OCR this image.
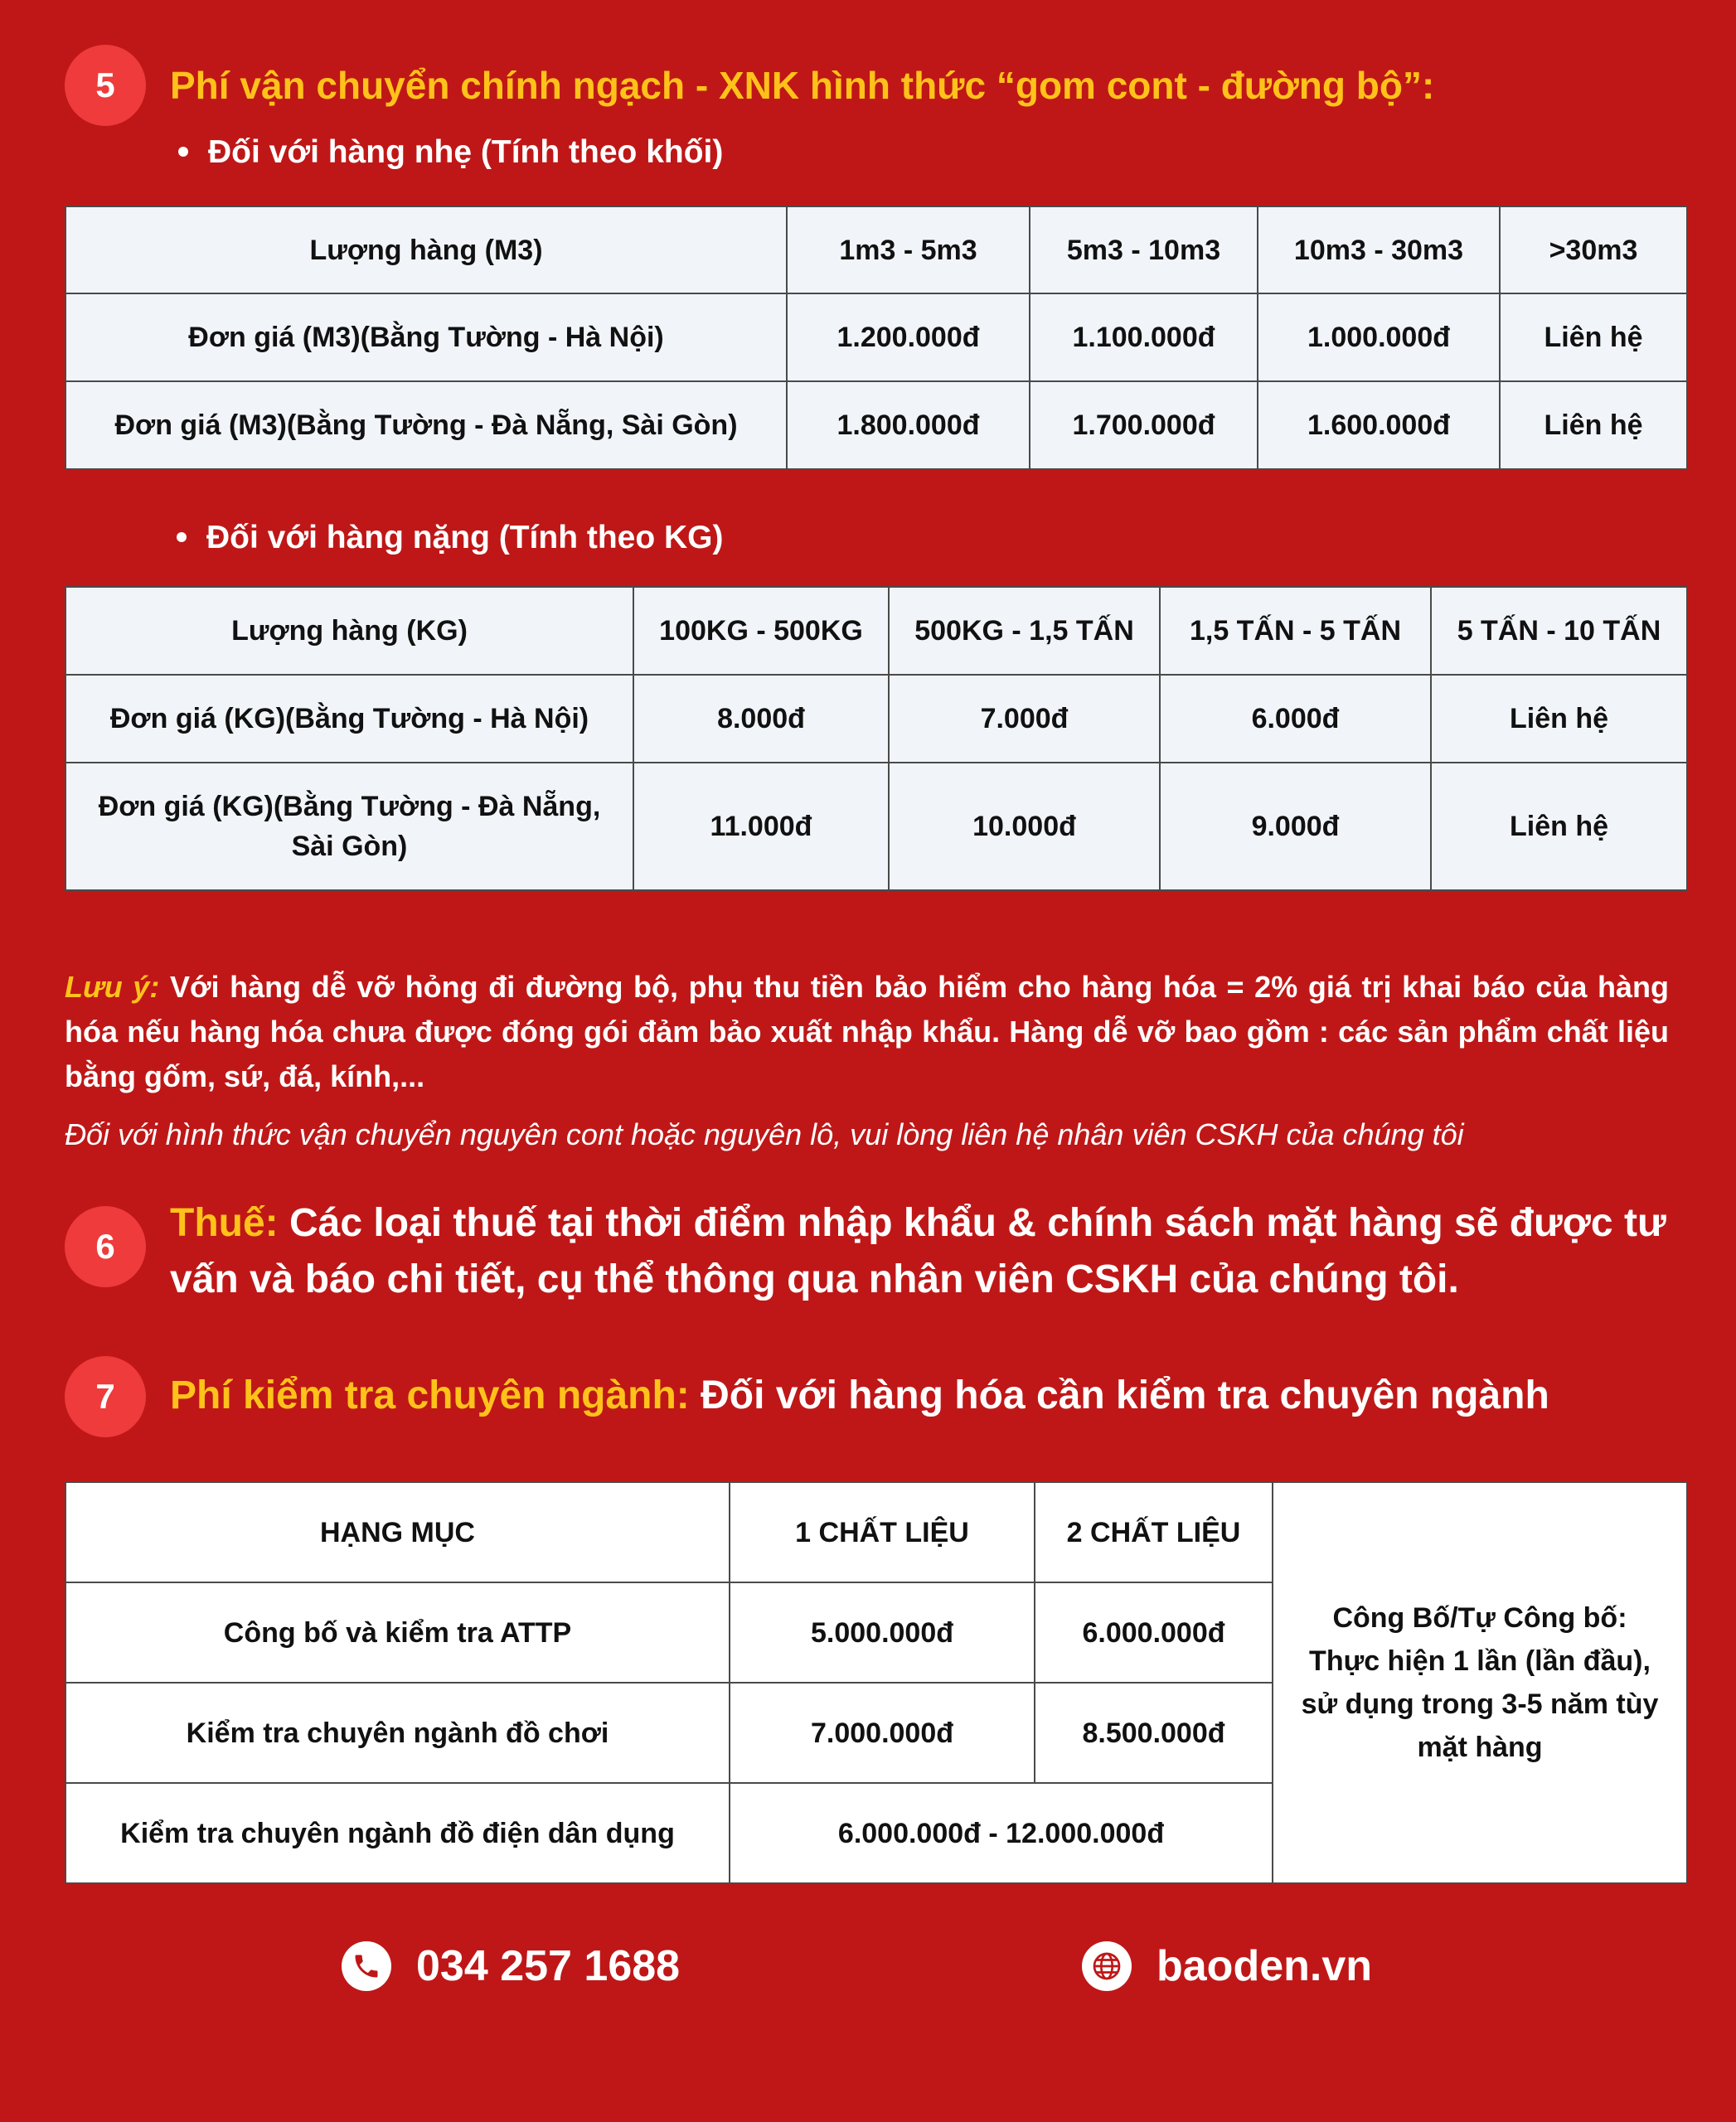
5	Phí vận chuyển chính ngạch - XNK hình thức “gom cont - đường bộ”:
Đối với hàng nhẹ (Tính theo khối)
Lượng hàng (M3)	1m3 - 5m3	5m3 - 10m3	10m3 - 30m3	>30m3
Đơn giá (M3)(Bằng Tường - Hà Nội)	1.200.000đ	1.100.000đ	1.000.000đ	Liên hệ
Đơn giá (M3)(Bằng Tường - Đà Nẵng, Sài Gòn)	1.800.000đ	1.700.000đ	1.600.000đ	Liên hệ
Đối với hàng nặng (Tính theo KG)
Lượng hàng (KG)	100KG - 500KG	500KG - 1,5 TẤN	1,5 TẤN - 5 TẤN	5 TẤN - 10 TẤN
Đơn giá (KG)(Bằng Tường - Hà Nội)	8.000đ	7.000đ	6.000đ	Liên hệ
Đơn giá (KG)(Bằng Tường - Đà Nẵng, Sài Gòn)	11.000đ	10.000đ	9.000đ	Liên hệ
Lưu ý: Với hàng dễ vỡ hỏng đi đường bộ, phụ thu tiền bảo hiểm cho hàng hóa = 2% giá trị khai báo của hàng hóa nếu hàng hóa chưa được đóng gói đảm bảo xuất nhập khẩu. Hàng dễ vỡ bao gồm : các sản phẩm chất liệu bằng gốm, sứ, đá, kính,...
Đối với hình thức vận chuyển nguyên cont hoặc nguyên lô, vui lòng liên hệ nhân viên CSKH của chúng tôi
6
Thuế: Các loại thuế tại thời điểm nhập khẩu & chính sách mặt hàng sẽ được tư vấn và báo chi tiết, cụ thể thông qua nhân viên CSKH của chúng tôi.
7	Phí kiểm tra chuyên ngành: Đối với hàng hóa cần kiểm tra chuyên ngành
HẠNG MỤC	1 CHẤT LIỆU	2 CHẤT LIỆU	Công Bố/Tự Công bố: Thực hiện 1 lần (lần đầu), sử dụng trong 3-5 năm tùy mặt hàng
Công bố và kiểm tra ATTP	5.000.000đ	6.000.000đ	
Kiểm tra chuyên ngành đồ chơi	7.000.000đ	8.500.000đ	
Kiểm tra chuyên ngành đồ điện dân dụng	6.000.000đ - 12.000.000đ		
034 257 1688	baoden.vn
